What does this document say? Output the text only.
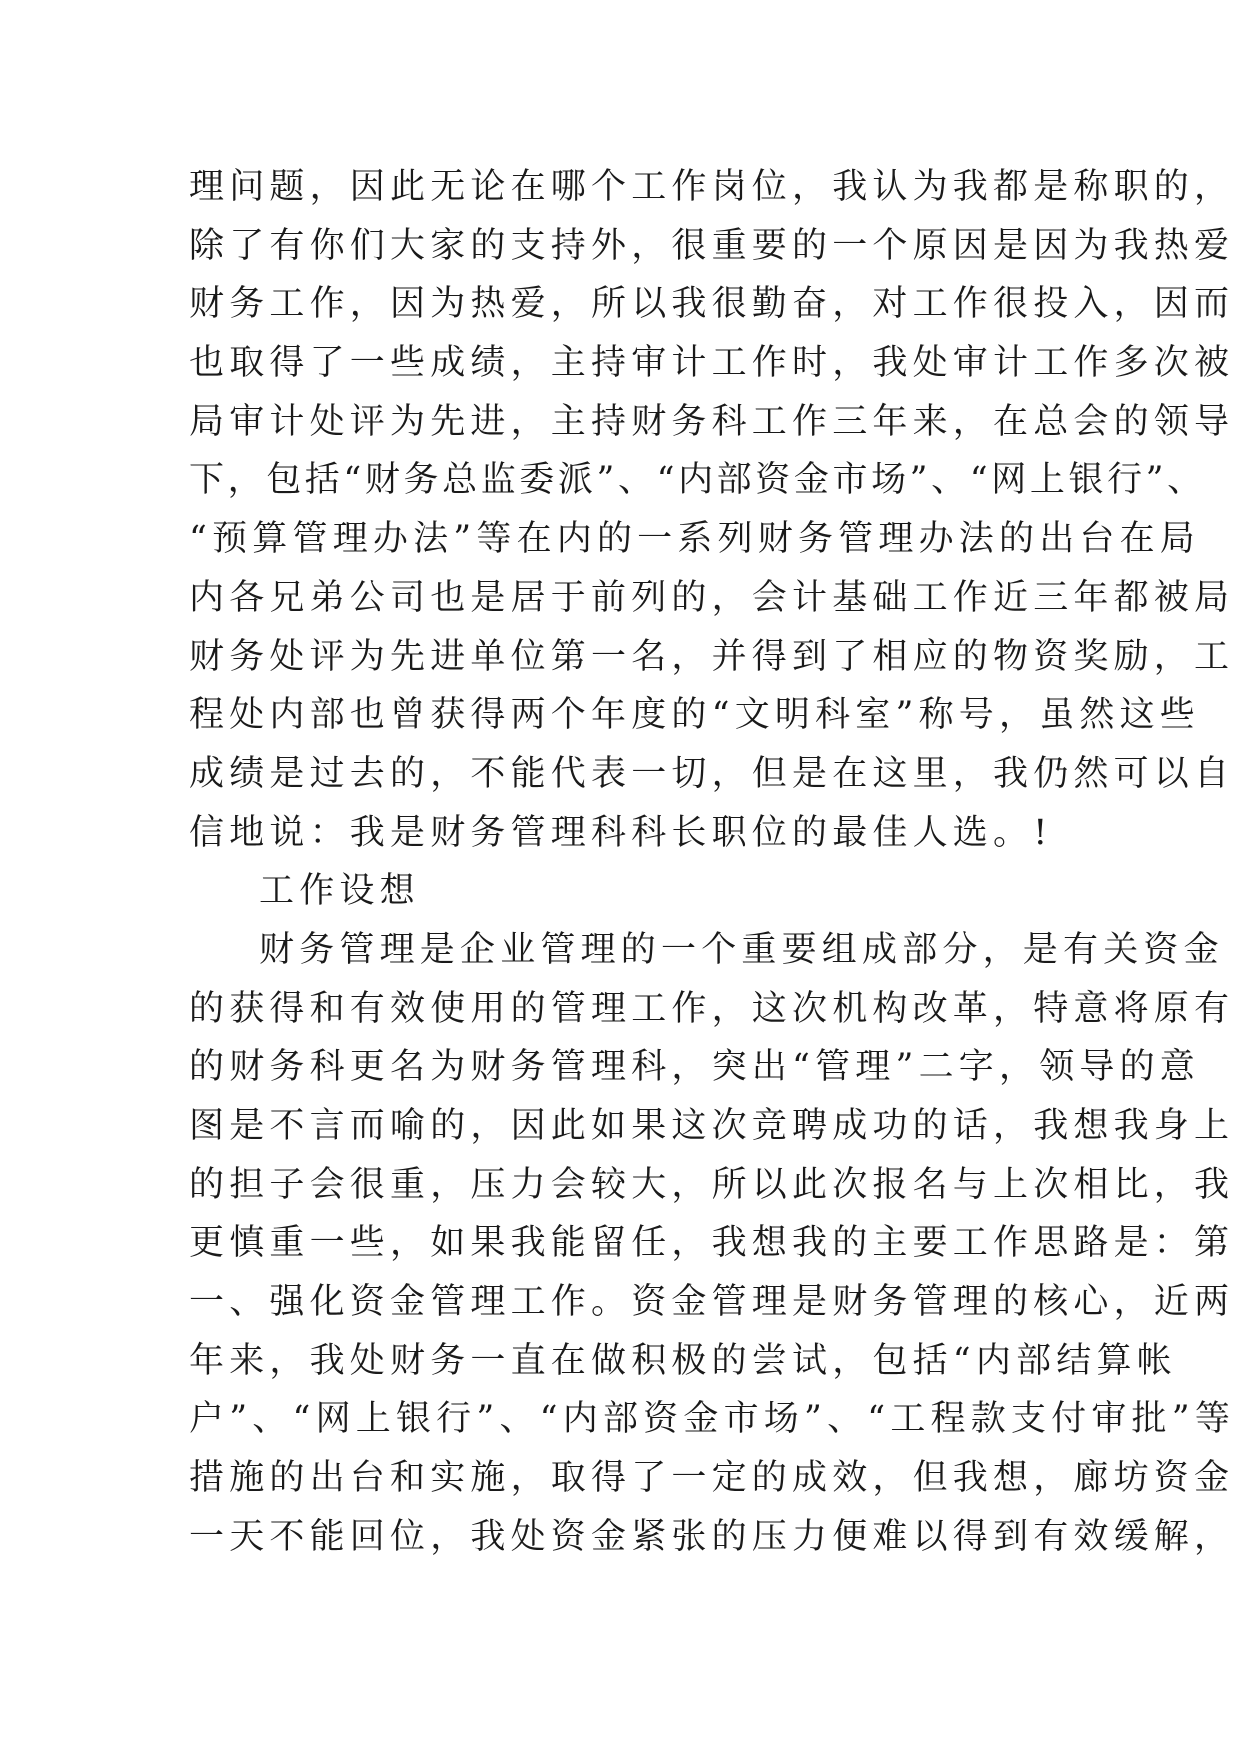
理问题，因此无论在哪个工作岗位，我认为我都是称职的，
除了有你们大家的支持外，很重要的一个原因是因为我热爱
财务工作，因为热爱，所以我很勤奋，对工作很投入，因而
也取得了一些成绩，主持审计工作时，我处审计工作多次被
局审计处评为先进，主持财务科工作三年来，在总会的领导
下，包括“财务总监委派”、“内部资金市场”、“网上银行”、
“预算管理办法”等在内的一系列财务管理办法的出台在局
内各兄弟公司也是居于前列的，会计基础工作近三年都被局
财务处评为先进单位第一名，并得到了相应的物资奖励，工
程处内部也曾获得两个年度的“文明科室”称号，虽然这些
成绩是过去的，不能代表一切，但是在这里，我仍然可以自
信地说：我是财务管理科科长职位的最佳人选。!
工作设想
财务管理是企业管理的一个重要组成部分，是有关资金
的获得和有效使用的管理工作，这次机构改革，特意将原有
的财务科更名为财务管理科，突出“管理”二字，领导的意
图是不言而喻的，因此如果这次竞聘成功的话，我想我身上
的担子会很重，压力会较大，所以此次报名与上次相比，我
更慎重一些，如果我能留任，我想我的主要工作思路是：第
一、强化资金管理工作。资金管理是财务管理的核心，近两
年来，我处财务一直在做积极的尝试，包括“内部结算帐
户”、“网上银行”、“内部资金市场”、“工程款支付审批”等
措施的出台和实施，取得了一定的成效，但我想，廊坊资金
一天不能回位，我处资金紧张的压力便难以得到有效缓解，
